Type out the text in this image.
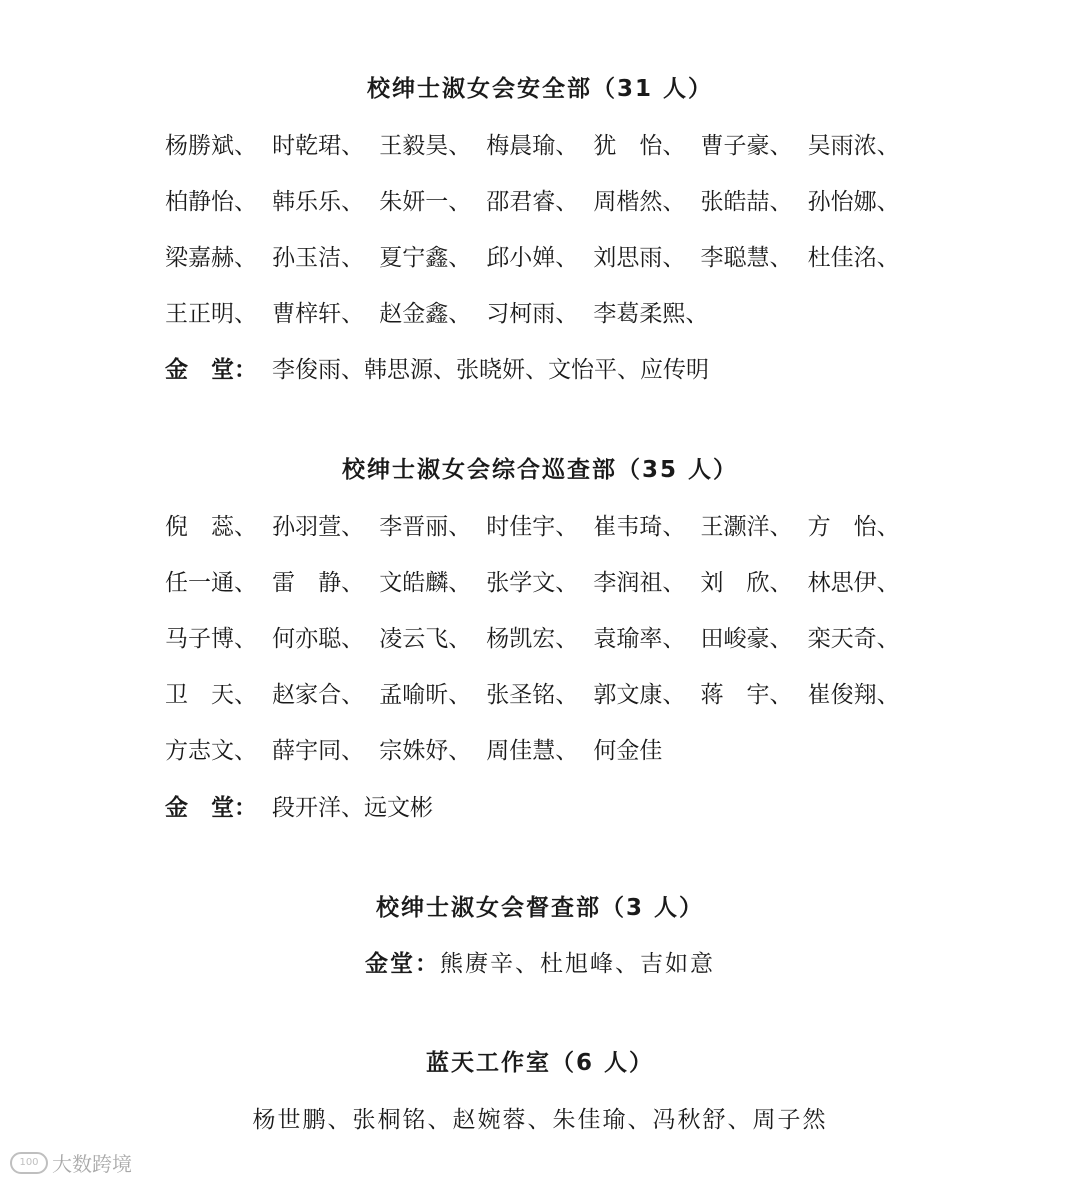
校绅士淑女会安全部（31 人）
杨勝斌、 时乾珺、 王毅昊、 梅晨瑜、 犹　怡、 曹子豪、 吴雨浓、
柏静怡、 韩乐乐、 朱妍一、 邵君睿、 周楷然、 张皓喆、 孙怡娜、
梁嘉赫、 孙玉洁、 夏宁鑫、 邱小婵、 刘思雨、 李聪慧、 杜佳洺、
王正明、 曹梓轩、 赵金鑫、 习柯雨、 李葛柔熙、
金　堂： 李俊雨、韩思源、张晓妍、文怡平、应传明
校绅士淑女会综合巡查部（35 人）
倪　蕊、 孙羽萱、 李晋丽、 时佳宇、 崔韦琦、 王灏洋、 方　怡、
任一通、 雷　静、 文皓麟、 张学文、 李润祖、 刘　欣、 林思伊、
马子博、 何亦聪、 凌云飞、 杨凯宏、 袁瑜率、 田峻豪、 栾天奇、
卫　天、 赵家合、 孟喻昕、 张圣铭、 郭文康、 蒋　宇、 崔俊翔、
方志文、 薛宇同、 宗姝妤、 周佳慧、 何金佳
金　堂： 段开洋、远文彬
校绅士淑女会督查部（3 人）
金堂：熊赓辛、杜旭峰、吉如意
蓝天工作室（6 人）
杨世鹏、张桐铭、赵婉蓉、朱佳瑜、冯秋舒、周子然
100 大数跨境
